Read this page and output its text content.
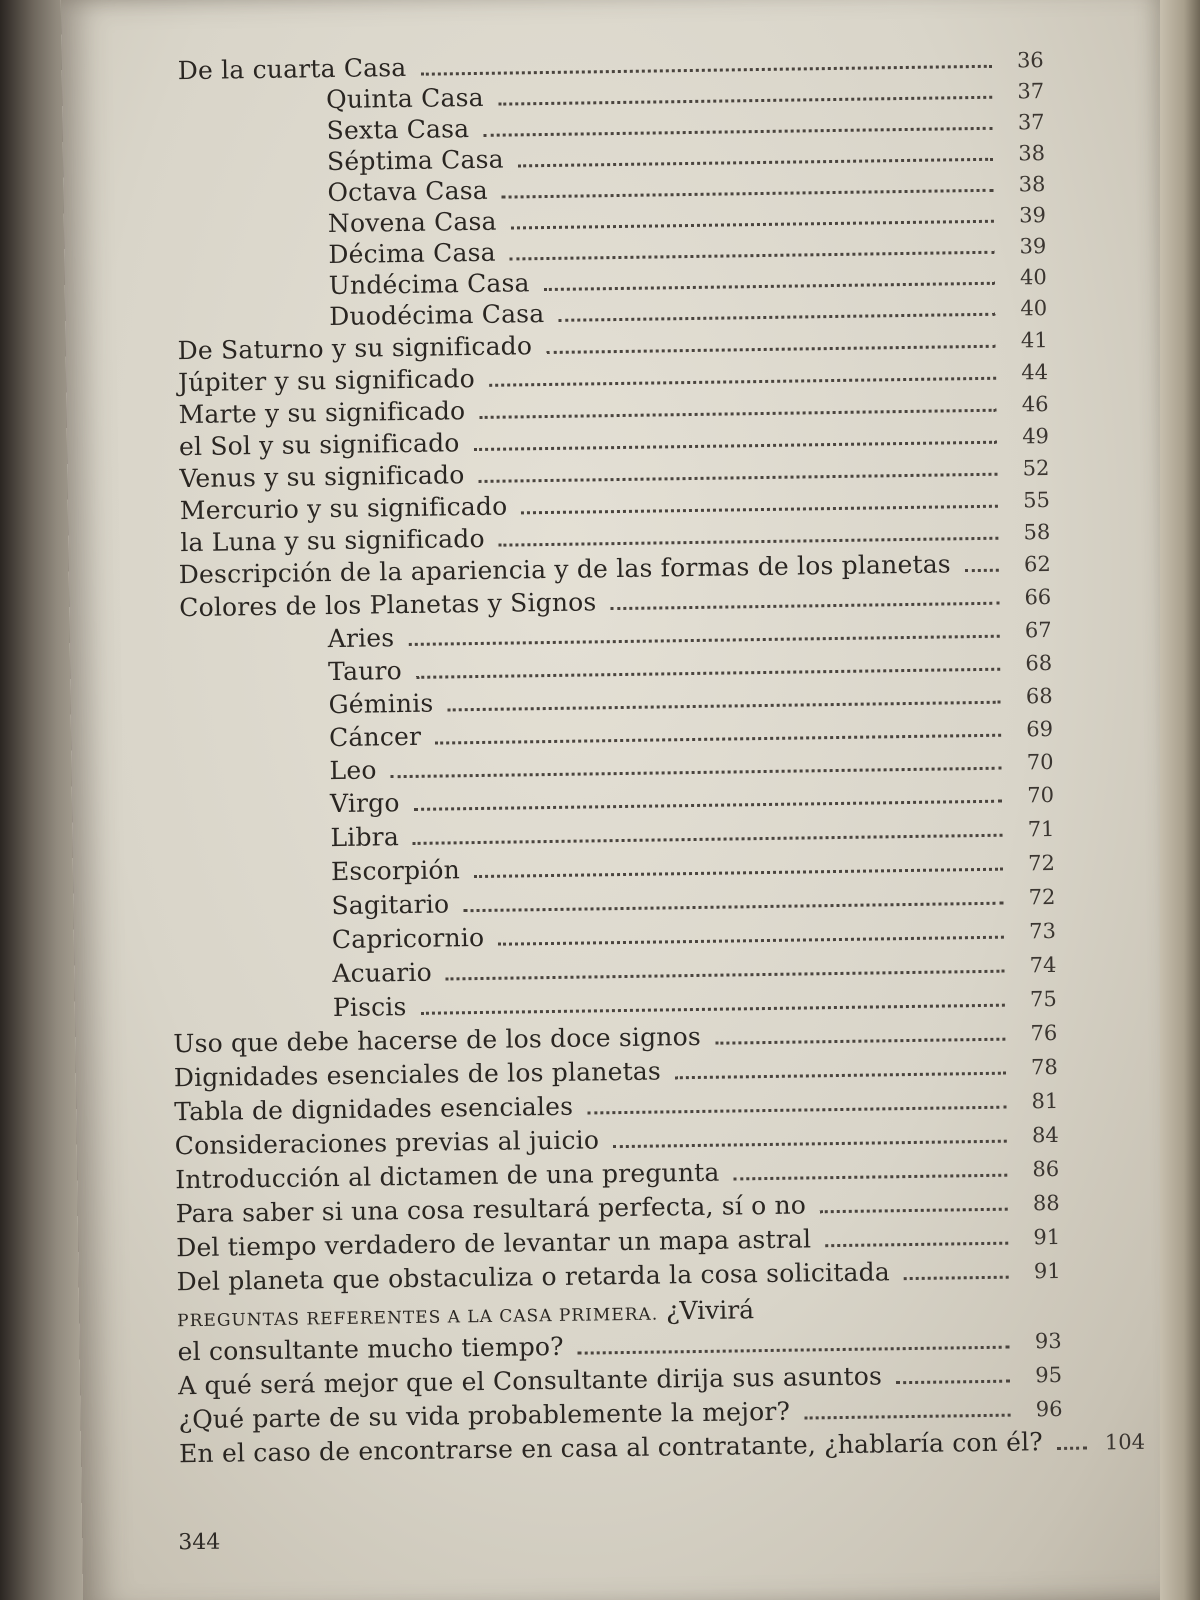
De la cuarta Casa	36
Quinta Casa	37
Sexta Casa	37
Séptima Casa	38
Octava Casa	38
Novena Casa	39
Décima Casa	39
Undécima Casa	40
Duodécima Casa	40
De Saturno y su significado	41
Júpiter y su significado	44
Marte y su significado	46
el Sol y su significado	49
Venus y su significado	52
Mercurio y su significado	55
la Luna y su significado	58
Descripción de la apariencia y de las formas de los planetas	62
Colores de los Planetas y Signos	66
Aries	67
Tauro	68
Géminis	68
Cáncer	69
Leo	70
Virgo	70
Libra	71
Escorpión	72
Sagitario	72
Capricornio	73
Acuario	74
Piscis	75
Uso que debe hacerse de los doce signos	76
Dignidades esenciales de los planetas	78
Tabla de dignidades esenciales	81
Consideraciones previas al juicio	84
Introducción al dictamen de una pregunta	86
Para saber si una cosa resultará perfecta, sí o no	88
Del tiempo verdadero de levantar un mapa astral	91
Del planeta que obstaculiza o retarda la cosa solicitada	91
PREGUNTAS REFERENTES A LA CASA PRIMERA. ¿Vivirá
el consultante mucho tiempo?	93
A qué será mejor que el Consultante dirija sus asuntos	95
¿Qué parte de su vida probablemente la mejor?	96
En el caso de encontrarse en casa al contratante, ¿hablaría con él?	104
344
